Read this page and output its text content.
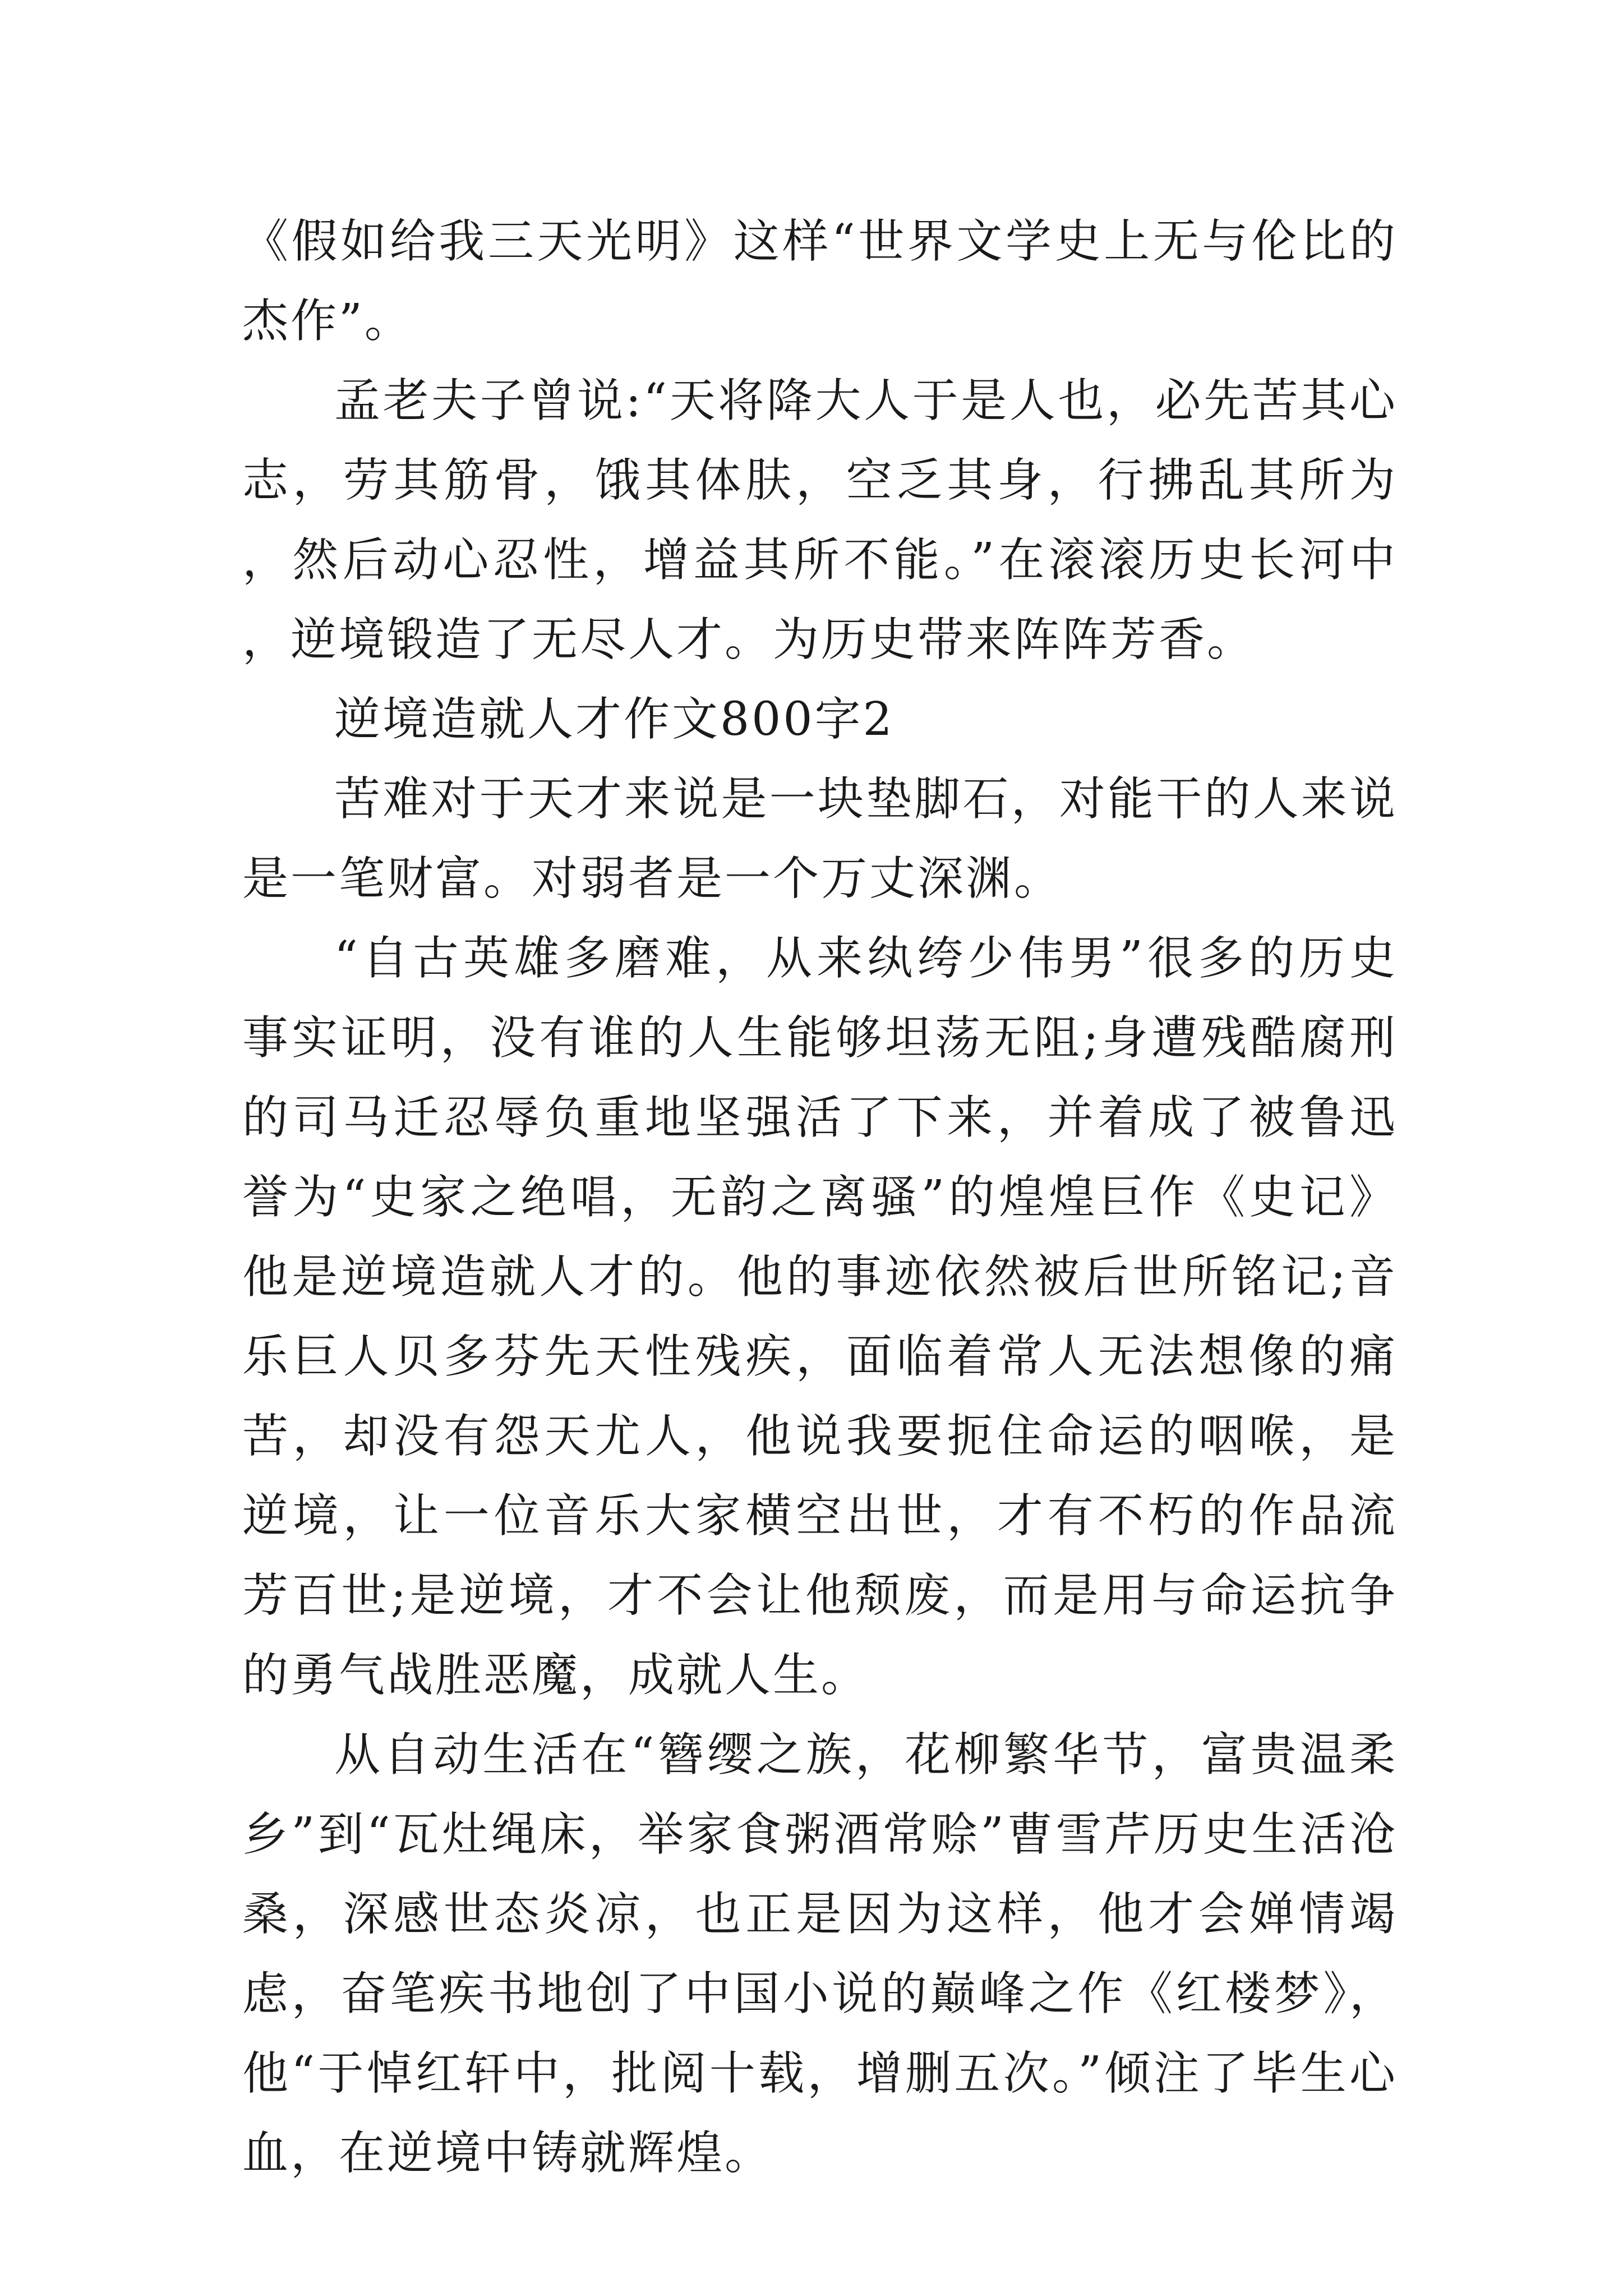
《假如给我三天光明》这样“世界文学史上无与伦比的杰作”。

孟老夫子曾说:“天将降大人于是人也，必先苦其心志，劳其筋骨，饿其体肤，空乏其身，行拂乱其所为，然后动心忍性，增益其所不能。”在滚滚历史长河中，逆境锻造了无尽人才。为历史带来阵阵芳香。

逆境造就人才作文800字2

苦难对于天才来说是一块垫脚石，对能干的人来说是一笔财富。对弱者是一个万丈深渊。

“自古英雄多磨难，从来纨绔少伟男”很多的历史事实证明，没有谁的人生能够坦荡无阻;身遭残酷腐刑的司马迁忍辱负重地坚强活了下来，并着成了被鲁迅誉为“史家之绝唱，无韵之离骚”的煌煌巨作《史记》他是逆境造就人才的。他的事迹依然被后世所铭记;音乐巨人贝多芬先天性残疾，面临着常人无法想像的痛苦，却没有怨天尤人，他说我要扼住命运的咽喉，是逆境，让一位音乐大家横空出世，才有不朽的作品流芳百世;是逆境，才不会让他颓废，而是用与命运抗争的勇气战胜恶魔，成就人生。

从自动生活在“簪缨之族，花柳繁华节，富贵温柔乡”到“瓦灶绳床，举家食粥酒常赊”曹雪芹历史生活沧桑，深感世态炎凉，也正是因为这样，他才会婵情竭虑，奋笔疾书地创了中国小说的巅峰之作《红楼梦》，他“于悼红轩中，批阅十载，增删五次。”倾注了毕生心血，在逆境中铸就辉煌。
